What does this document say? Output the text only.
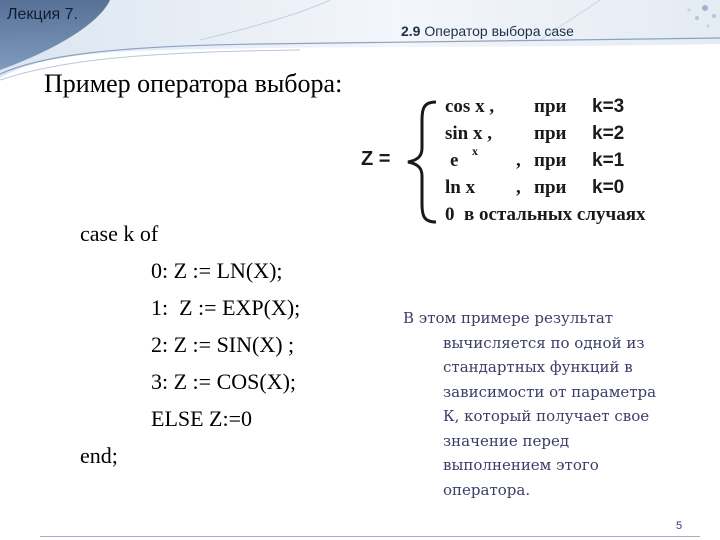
Лекция 7.
2.9 Оператор выбора case
Пример оператора выбора:
Z =
cos x , при k=3
sin x , при k=2
e x , при k=1
ln x , при k=0
0  в остальных случаях
case k of
0: Z := LN(X);
1:  Z := EXP(X);
2: Z := SIN(X) ;
3: Z := COS(X);
ELSE Z:=0
end;
В этом примере результат
вычисляется по одной из
стандартных функций в
зависимости от параметра
К, который получает свое
значение перед
выполнением этого
оператора.
5
